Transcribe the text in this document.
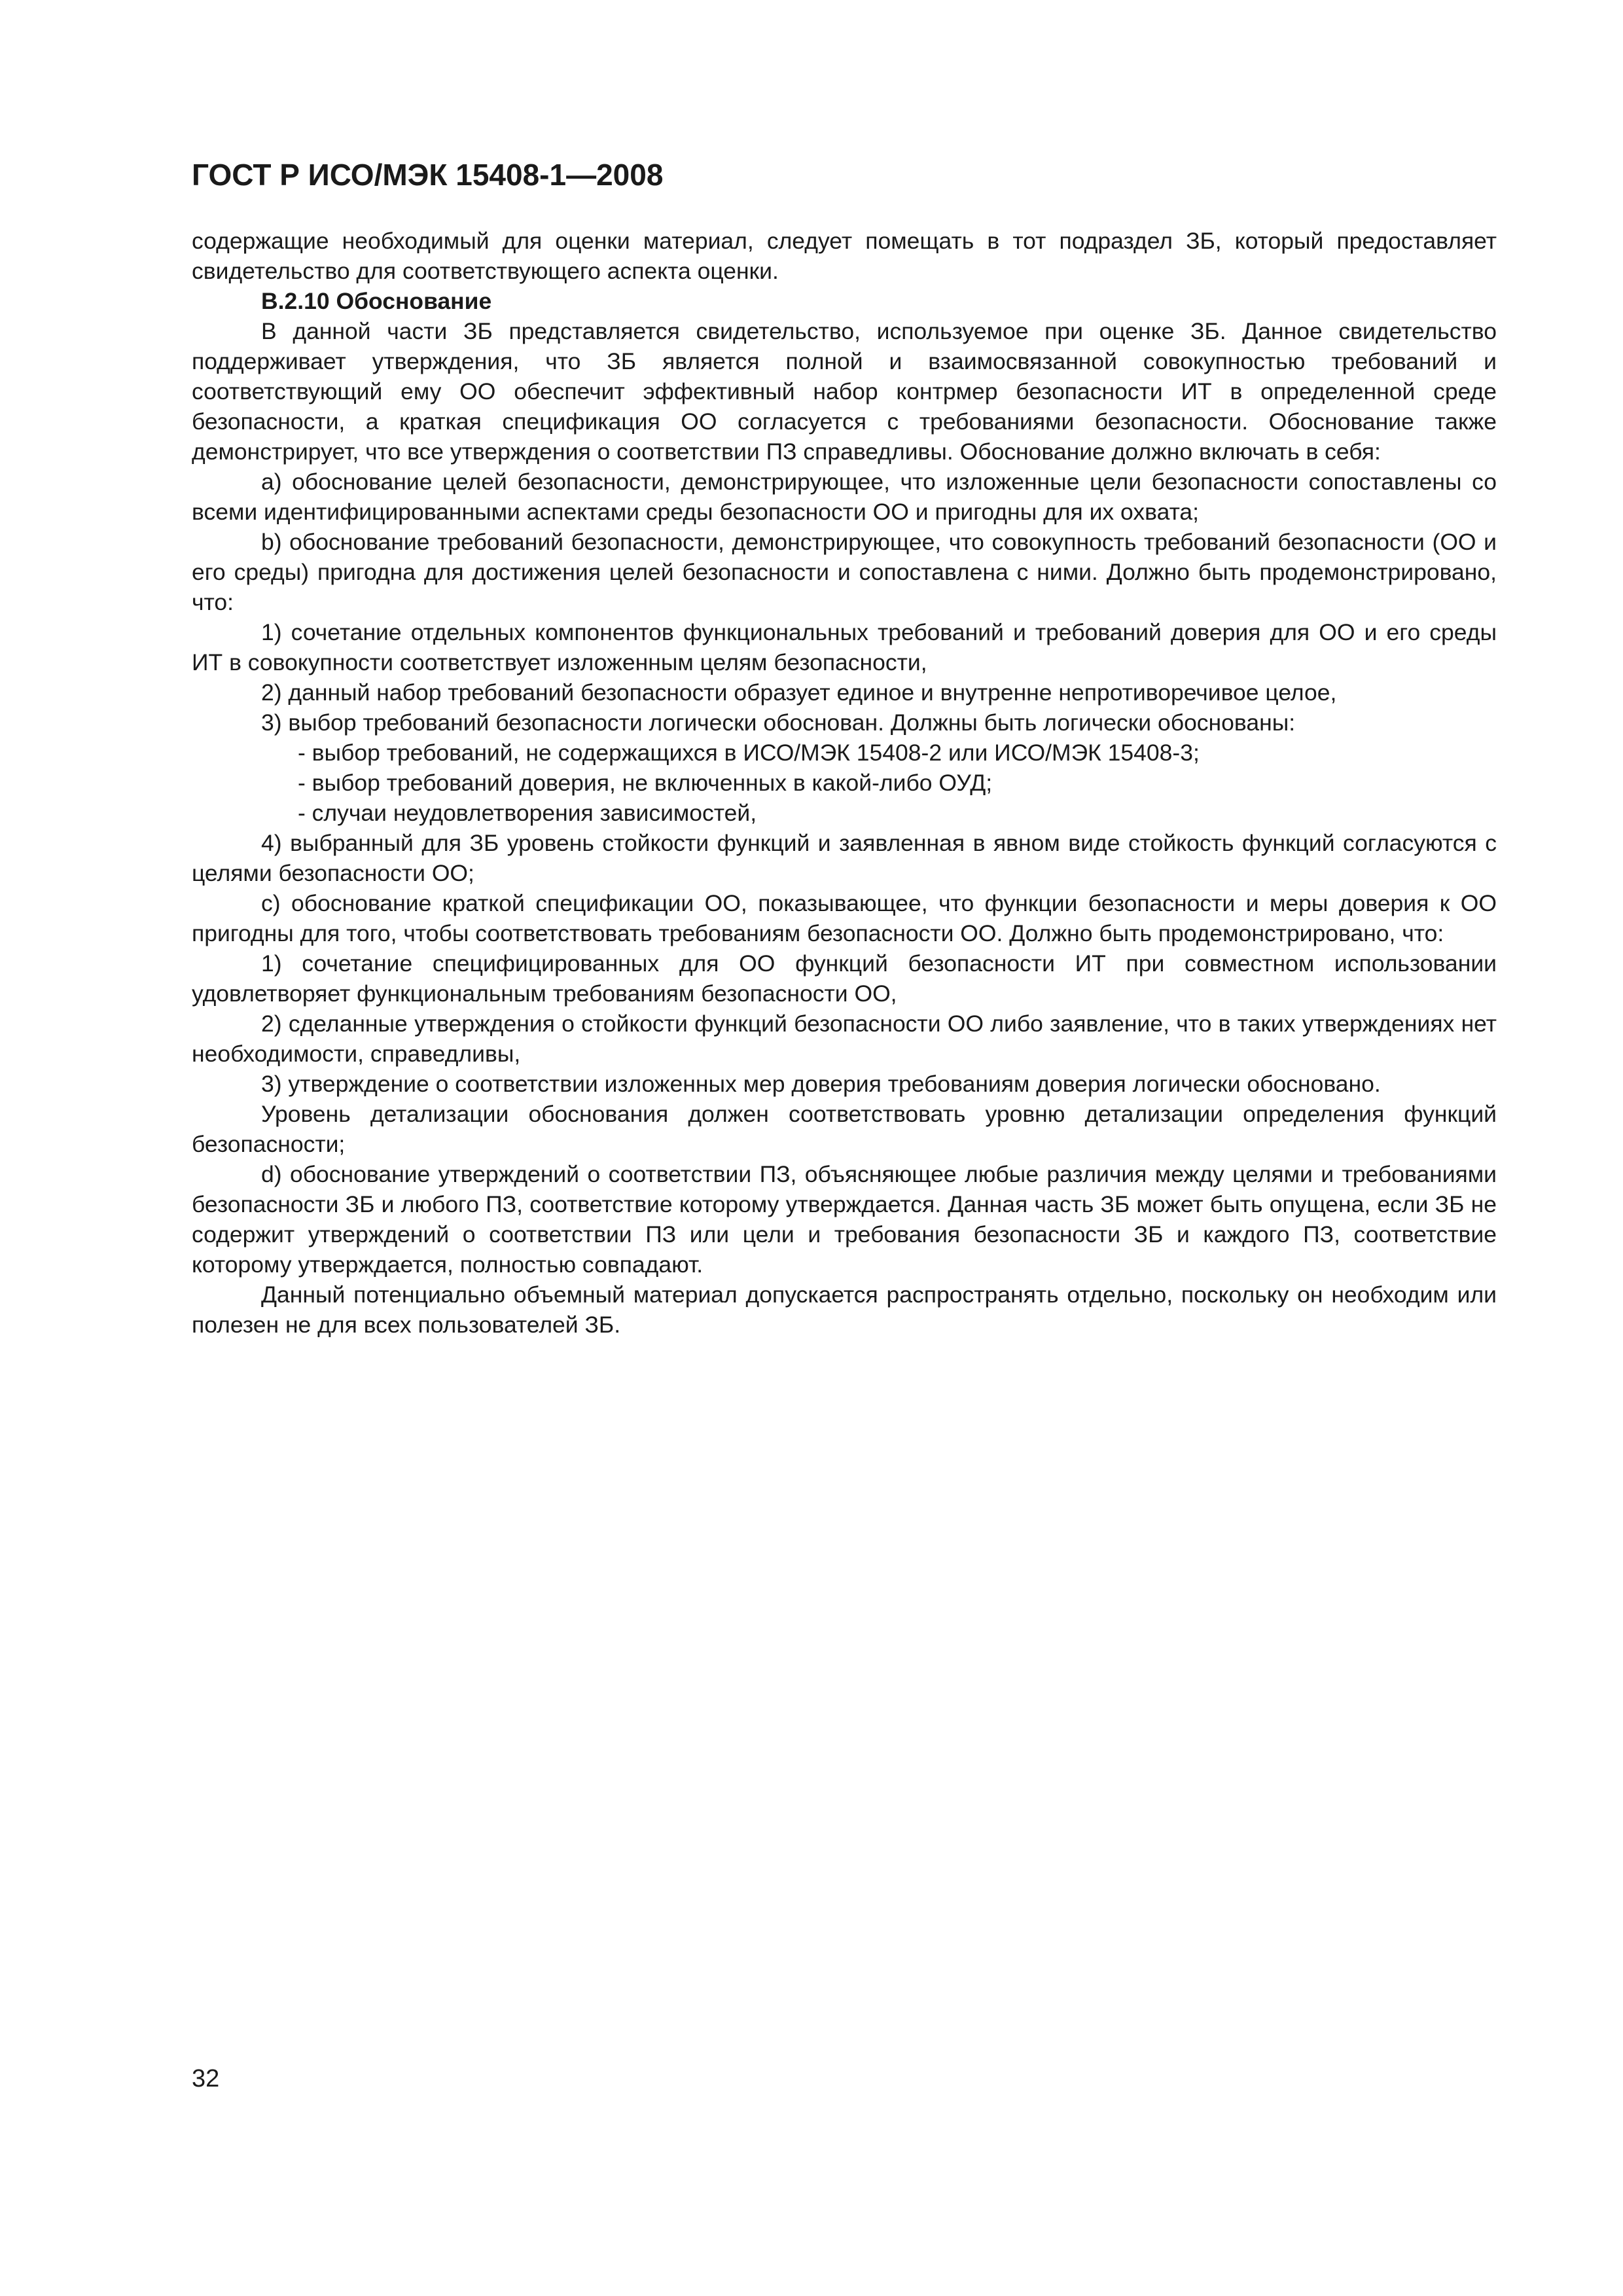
ГОСТ Р ИСО/МЭК 15408-1—2008

содержащие необходимый для оценки материал, следует помещать в тот подраздел ЗБ, который предоставляет свидетельство для соответствующего аспекта оценки.

В.2.10 Обоснование

В данной части ЗБ представляется свидетельство, используемое при оценке ЗБ. Данное свидетельство поддерживает утверждения, что ЗБ является полной и взаимосвязанной совокупностью требований и соответствующий ему ОО обеспечит эффективный набор контрмер безопасности ИТ в определенной среде безопасности, а краткая спецификация ОО согласуется с требованиями безопасности. Обоснование также демонстрирует, что все утверждения о соответствии ПЗ справедливы. Обоснование должно включать в себя:

a) обоснование целей безопасности, демонстрирующее, что изложенные цели безопасности сопоставлены со всеми идентифицированными аспектами среды безопасности ОО и пригодны для их охвата;

b) обоснование требований безопасности, демонстрирующее, что совокупность требований безопасности (ОО и его среды) пригодна для достижения целей безопасности и сопоставлена с ними. Должно быть продемонстрировано, что:

1) сочетание отдельных компонентов функциональных требований и требований доверия для ОО и его среды ИТ в совокупности соответствует изложенным целям безопасности,

2) данный набор требований безопасности образует единое и внутренне непротиворечивое целое,

3) выбор требований безопасности логически обоснован. Должны быть логически обоснованы:

- выбор требований, не содержащихся в ИСО/МЭК 15408-2 или ИСО/МЭК 15408-3;

- выбор требований доверия, не включенных в какой-либо ОУД;

- случаи неудовлетворения зависимостей,

4) выбранный для ЗБ уровень стойкости функций и заявленная в явном виде стойкость функций согласуются с целями безопасности ОО;

c) обоснование краткой спецификации ОО, показывающее, что функции безопасности и меры доверия к ОО пригодны для того, чтобы соответствовать требованиям безопасности ОО. Должно быть продемонстрировано, что:

1) сочетание специфицированных для ОО функций безопасности ИТ при совместном использовании удовлетворяет функциональным требованиям безопасности ОО,

2) сделанные утверждения о стойкости функций безопасности ОО либо заявление, что в таких утверждениях нет необходимости, справедливы,

3) утверждение о соответствии изложенных мер доверия требованиям доверия логически обосновано.

Уровень детализации обоснования должен соответствовать уровню детализации определения функций безопасности;

d) обоснование утверждений о соответствии ПЗ, объясняющее любые различия между целями и требованиями безопасности ЗБ и любого ПЗ, соответствие которому утверждается. Данная часть ЗБ может быть опущена, если ЗБ не содержит утверждений о соответствии ПЗ или цели и требования безопасности ЗБ и каждого ПЗ, соответствие которому утверждается, полностью совпадают.

Данный потенциально объемный материал допускается распространять отдельно, поскольку он необходим или полезен не для всех пользователей ЗБ.

32
